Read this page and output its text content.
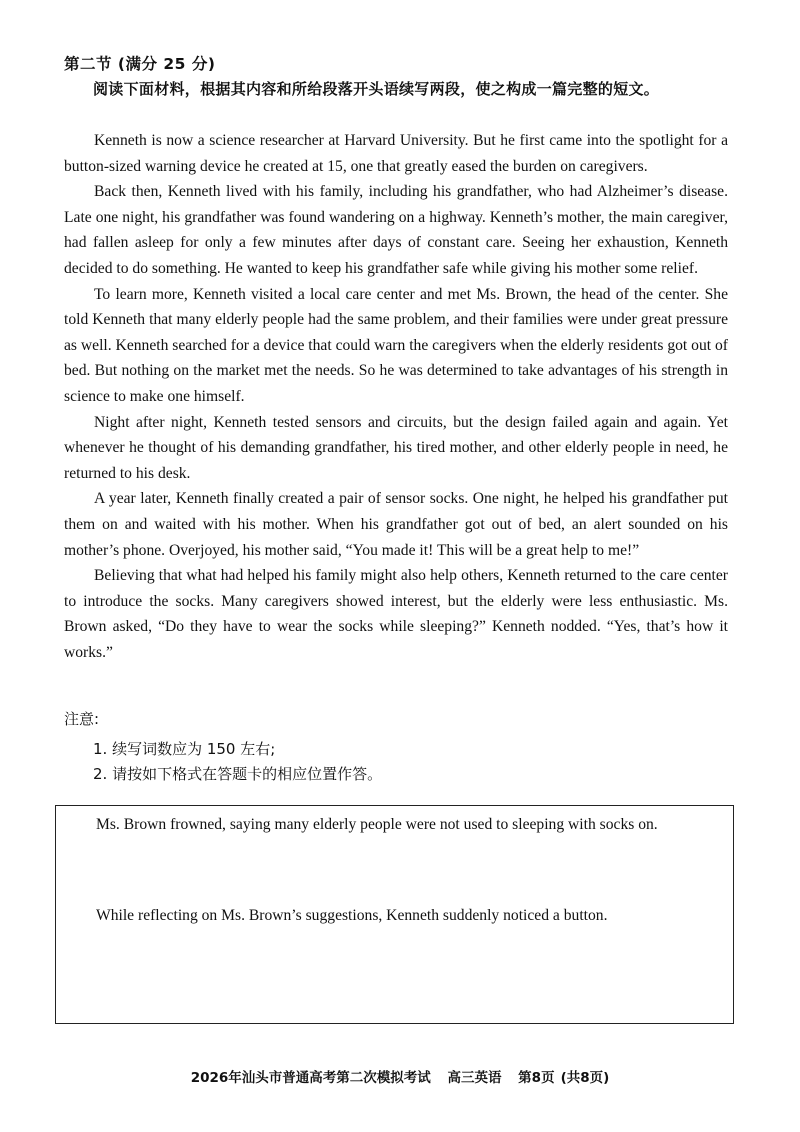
第二节 (满分 25 分)
阅读下面材料，根据其内容和所给段落开头语续写两段，使之构成一篇完整的短文。

Kenneth is now a science researcher at Harvard University. But he first came into the spotlight for a button-sized warning device he created at 15, one that greatly eased the burden on caregivers.

Back then, Kenneth lived with his family, including his grandfather, who had Alzheimer’s disease. Late one night, his grandfather was found wandering on a highway. Kenneth’s mother, the main caregiver, had fallen asleep for only a few minutes after days of constant care. Seeing her exhaustion, Kenneth decided to do something. He wanted to keep his grandfather safe while giving his mother some relief.

To learn more, Kenneth visited a local care center and met Ms. Brown, the head of the center. She told Kenneth that many elderly people had the same problem, and their families were under great pressure as well. Kenneth searched for a device that could warn the caregivers when the elderly residents got out of bed. But nothing on the market met the needs. So he was determined to take advantages of his strength in science to make one himself.

Night after night, Kenneth tested sensors and circuits, but the design failed again and again. Yet whenever he thought of his demanding grandfather, his tired mother, and other elderly people in need, he returned to his desk.

A year later, Kenneth finally created a pair of sensor socks. One night, he helped his grandfather put them on and waited with his mother. When his grandfather got out of bed, an alert sounded on his mother’s phone. Overjoyed, his mother said, “You made it! This will be a great help to me!”

Believing that what had helped his family might also help others, Kenneth returned to the care center to introduce the socks. Many caregivers showed interest, but the elderly were less enthusiastic. Ms. Brown asked, “Do they have to wear the socks while sleeping?” Kenneth nodded. “Yes, that’s how it works.”

注意:
1. 续写词数应为 150 左右;
2. 请按如下格式在答题卡的相应位置作答。
Ms. Brown frowned, saying many elderly people were not used to sleeping with socks on.
While reflecting on Ms. Brown’s suggestions, Kenneth suddenly noticed a button.
2026年汕头市普通高考第二次模拟考试 高三英语 第8页 (共8页)
